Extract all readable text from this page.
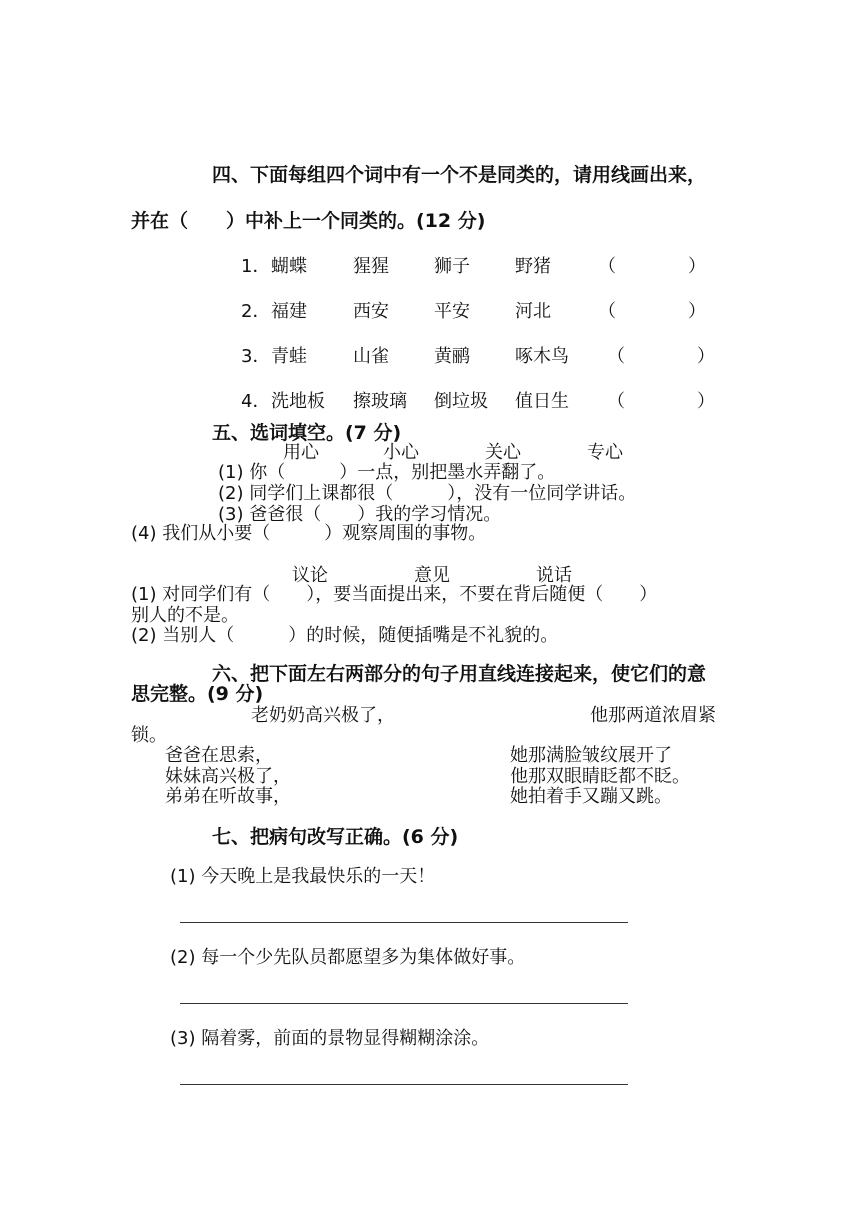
四、下面每组四个词中有一个不是同类的，请用线画出来，
并在（　　）中补上一个同类的。(12 分)
1． 蝴蝶	猩猩	狮子	野猪	（　　　　）
2． 福建	西安	平安	河北	（　　　　）
3． 青蛙	山雀	黄鹂	啄木鸟 （　　　　）
4． 洗地板 擦玻璃 倒垃圾 值日生 （　　　　）
五、选词填空。(7 分)
用心	小心	关心	专心
(1) 你（　　　）一点，别把墨水弄翻了。
(2) 同学们上课都很（　　　），没有一位同学讲话。
(3) 爸爸很（　　）我的学习情况。
(4) 我们从小要（　　　）观察周围的事物。
议论	意见	说话
(1) 对同学们有（　　），要当面提出来，不要在背后随便（　　）
别人的不是。
(2) 当别人（　　　）的时候，随便插嘴是不礼貌的。
六、把下面左右两部分的句子用直线连接起来，使它们的意
思完整。(9 分)
老奶奶高兴极了，	他那两道浓眉紧
锁。
爸爸在思索，	她那满脸皱纹展开了
妹妹高兴极了，	他那双眼睛眨都不眨。
弟弟在听故事，	她拍着手又蹦又跳。
七、把病句改写正确。(6 分)
(1) 今天晚上是我最快乐的一天！
(2) 每一个少先队员都愿望多为集体做好事。
(3) 隔着雾，前面的景物显得糊糊涂涂。
